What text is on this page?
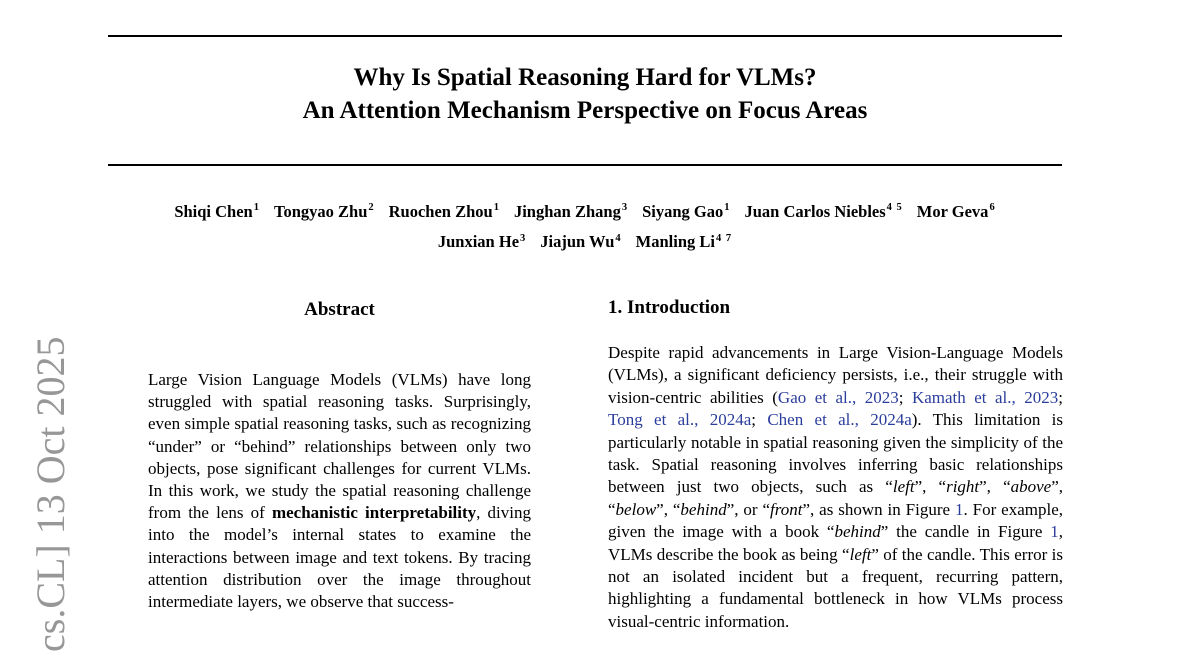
cs.CL] 13 Oct 2025
Why Is Spatial Reasoning Hard for VLMs?
An Attention Mechanism Perspective on Focus Areas
Shiqi Chen$^1$ Tongyao Zhu$^2$ Ruochen Zhou$^1$ Jinghan Zhang$^3$ Siyang Gao$^1$ Juan Carlos Niebles$^{4 5}$ Mor Geva$^6$
Junxian He$^3$ Jiajun Wu$^4$ Manling $Li^{4 7}$
Abstract
Large Vision Language Models (VLMs) have long struggled with spatial reasoning tasks. Surprisingly, even simple spatial reasoning tasks, such as recognizing “under” or “behind” relationships between only two objects, pose significant challenges for current VLMs. In this work, we study the spatial reasoning challenge from the lens of mechanistic interpretability, diving into the model’s internal states to examine the interactions between image and text tokens. By tracing attention distribution over the image throughout intermediate layers, we observe that success-
1. Introduction
Despite rapid advancements in Large Vision-Language Models (VLMs), a significant deficiency persists, i.e., their struggle with vision-centric abilities (Gao et al., 2023; Kamath et al., 2023; Tong et al., 2024a; Chen et al., 2024a). This limitation is particularly notable in spatial reasoning given the simplicity of the task. Spatial reasoning involves inferring basic relationships between just two objects, such as “left”, “right”, “above”, “below”, “behind”, or “front”, as shown in Figure 1. For example, given the image with a book “behind” the candle in Figure 1, VLMs describe the book as being “left” of the candle. This error is not an isolated incident but a frequent, recurring pattern, highlighting a fundamental bottleneck in how VLMs process visual-centric information.
